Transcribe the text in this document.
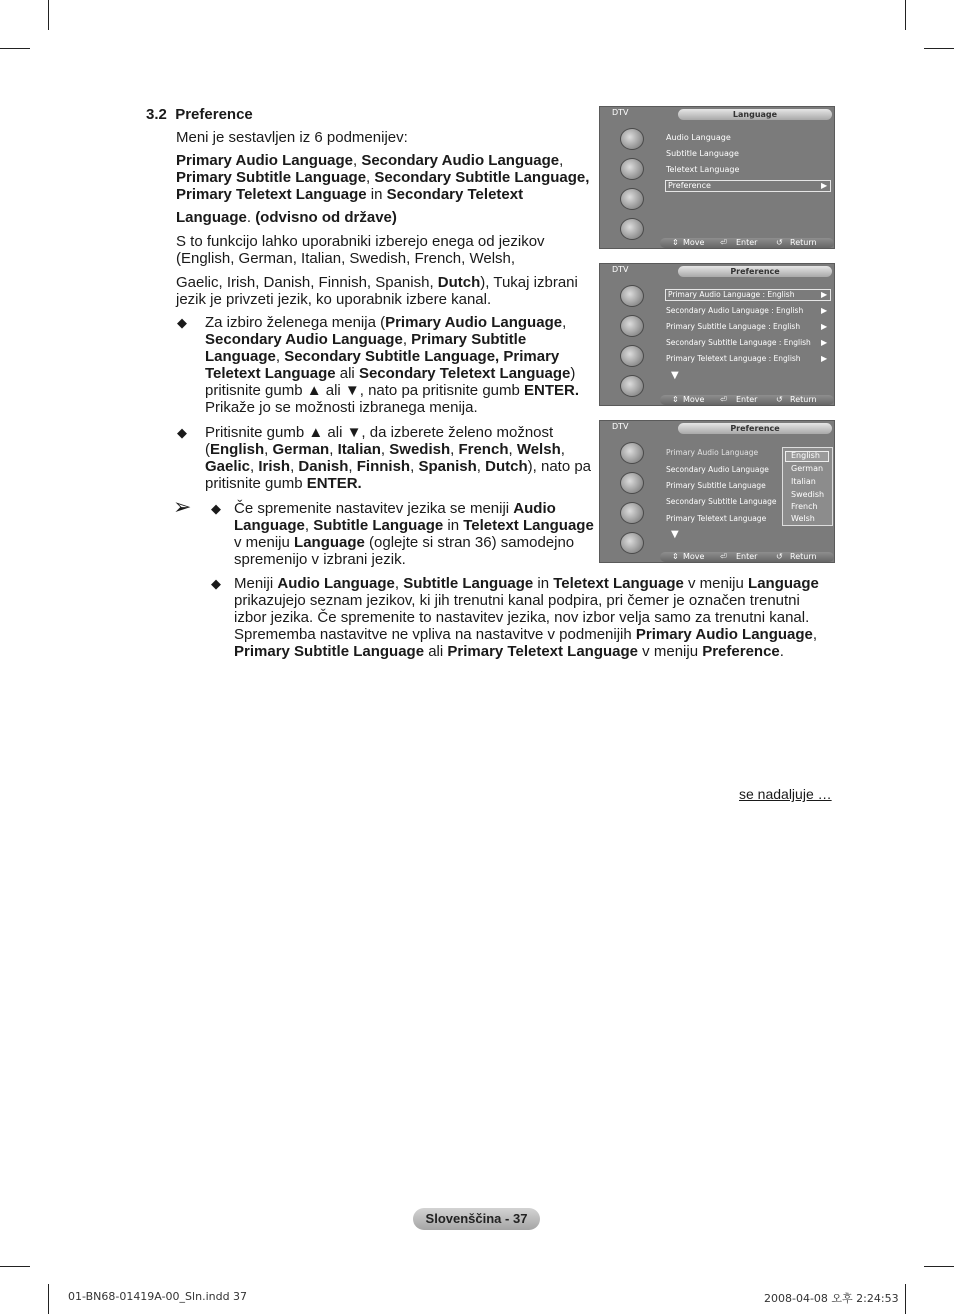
3.2 Preference
Meni je sestavljen iz 6 podmenijev:
Primary Audio Language, Secondary Audio Language,
Primary Subtitle Language, Secondary Subtitle Language,
Primary Teletext Language in Secondary Teletext
Language. (odvisno od države)
S to funkcijo lahko uporabniki izberejo enega od jezikov
(English, German, Italian, Swedish, French, Welsh,
Gaelic, Irish, Danish, Finnish, Spanish, Dutch), Tukaj izbrani
jezik je privzeti jezik, ko uporabnik izbere kanal.
◆ Za izbiro želenega menija (Primary Audio Language,
Secondary Audio Language, Primary Subtitle
Language, Secondary Subtitle Language, Primary
Teletext Language ali Secondary Teletext Language)
pritisnite gumb ▲ ali ▼, nato pa pritisnite gumb ENTER.
Prikaže jo se možnosti izbranega menija.
◆ Pritisnite gumb ▲ ali ▼, da izberete želeno možnost
(English, German, Italian, Swedish, French, Welsh,
Gaelic, Irish, Danish, Finnish, Spanish, Dutch), nato pa
pritisnite gumb ENTER.
➢ ◆ Če spremenite nastavitev jezika se meniji Audio
Language, Subtitle Language in Teletext Language
v meniju Language (oglejte si stran 36) samodejno
spremenijo v izbrani jezik.
◆ Meniji Audio Language, Subtitle Language in Teletext Language v meniju Language
prikazujejo seznam jezikov, ki jih trenutni kanal podpira, pri čemer je označen trenutni
izbor jezika. Če spremenite to nastavitev jezika, nov izbor velja samo za trenutni kanal.
Sprememba nastavitve ne vpliva na nastavitve v podmenijih Primary Audio Language,
Primary Subtitle Language ali Primary Teletext Language v meniju Preference.
se nadaljuje …
DTV	Language
Audio Language
Subtitle Language
Teletext Language
Preference	▶
⇕ Move ⏎ Enter ↺ Return
DTV	Preference
Primary Audio Language : English
Secondary Audio Language : English
Primary Subtitle Language : English
Secondary Subtitle Language : English
Primary Teletext Language : English
▶
▶
▶
▶
▶
▼
⇕ Move ⏎ Enter ↺ Return
DTV	Preference
Primary Audio Language
Secondary Audio Language
Primary Subtitle Language
Secondary Subtitle Language
Primary Teletext Language
▼
⇕ Move ⏎ Enter ↺ Return
English
German
Italian
Swedish
French
Welsh
Slovenščina - 37
01-BN68-01419A-00_Sln.indd 37	2008-04-08 오후 2:24:53
